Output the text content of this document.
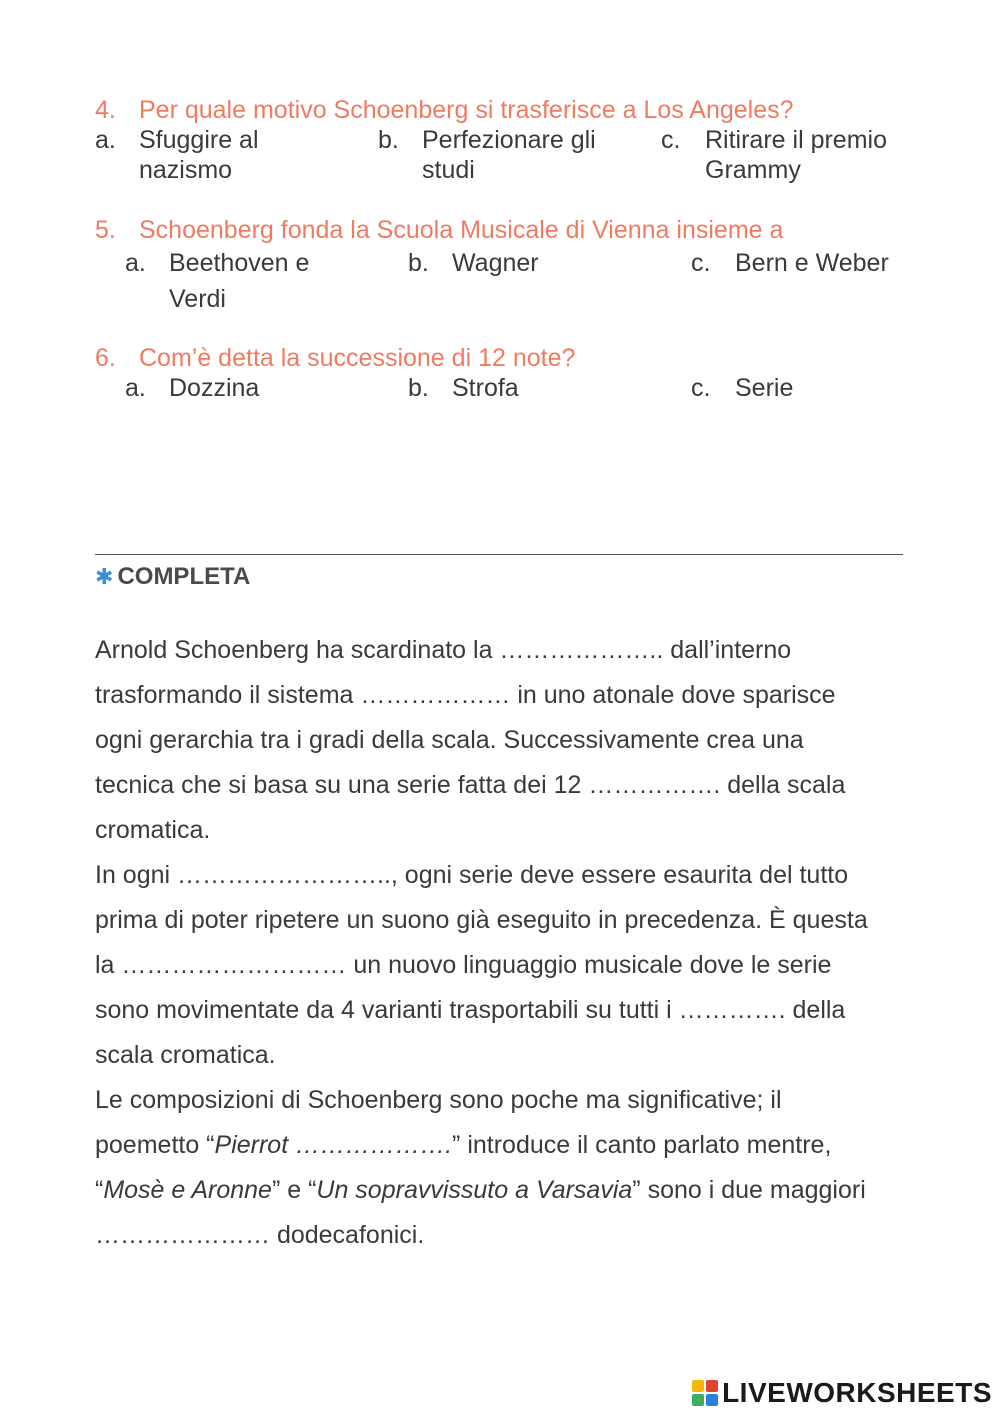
4. Per quale motivo Schoenberg si trasferisce a Los Angeles?
a. Sfuggire al
nazismo
b. Perfezionare gli
studi
c. Ritirare il premio
Grammy
5. Schoenberg fonda la Scuola Musicale di Vienna insieme a
a. Beethoven e
Verdi
b. Wagner	c. Bern e Weber
6. Com’è detta la successione di 12 note?
a. Dozzina	b. Strofa	c. Serie
✱ COMPLETA
Arnold Schoenberg ha scardinato la ……………….. dall’interno
trasformando il sistema ……………… in uno atonale dove sparisce
ogni gerarchia tra i gradi della scala. Successivamente crea una
tecnica che si basa su una serie fatta dei 12 ……………. della scala
cromatica.
In ogni …………………….., ogni serie deve essere esaurita del tutto
prima di poter ripetere un suono già eseguito in precedenza. È questa
la ……………………… un nuovo linguaggio musicale dove le serie
sono movimentate da 4 varianti trasportabili su tutti i …………. della
scala cromatica.
Le composizioni di Schoenberg sono poche ma significative; il
poemetto “Pierrot ……………….” introduce il canto parlato mentre,
“Mosè e Aronne” e “Un sopravvissuto a Varsavia” sono i due maggiori
………………… dodecafonici.
LIVEWORKSHEETS
